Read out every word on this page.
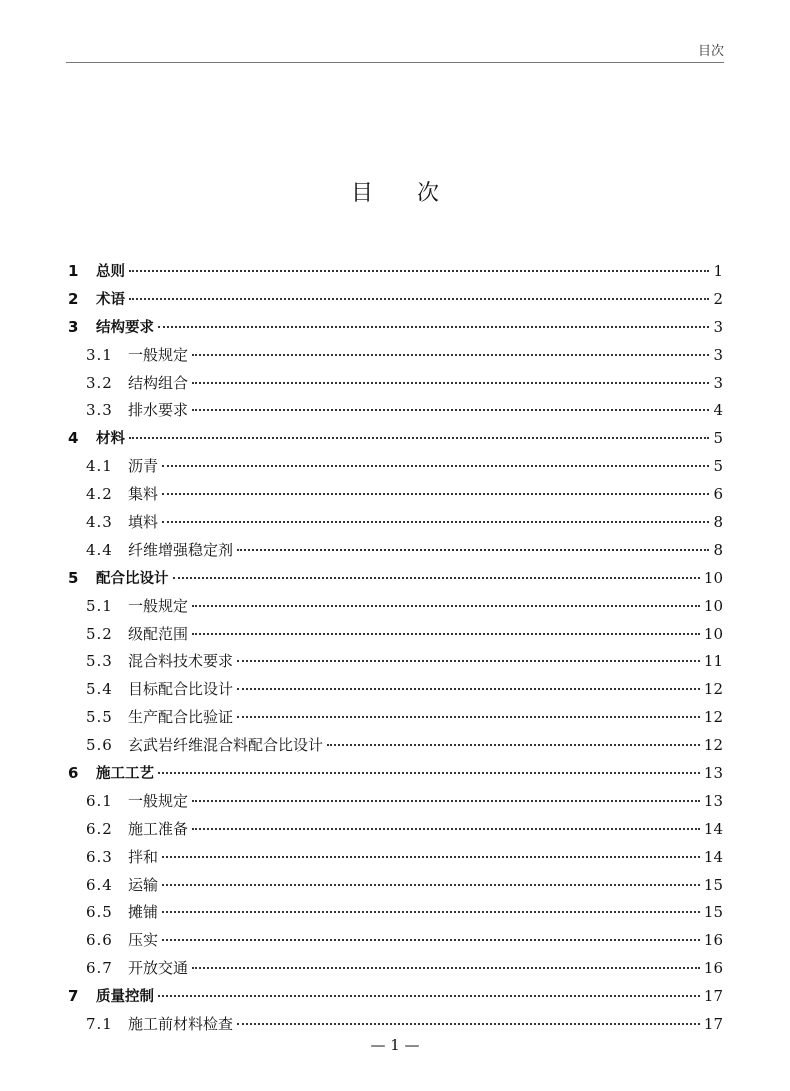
目次
目次
1	总则	1
2	术语	2
3	结构要求	3
3.1	一般规定	3
3.2	结构组合	3
3.3	排水要求	4
4	材料	5
4.1	沥青	5
4.2	集料	6
4.3	填料	8
4.4	纤维增强稳定剂	8
5	配合比设计	10
5.1	一般规定	10
5.2	级配范围	10
5.3	混合料技术要求	11
5.4	目标配合比设计	12
5.5	生产配合比验证	12
5.6	玄武岩纤维混合料配合比设计	12
6	施工工艺	13
6.1	一般规定	13
6.2	施工准备	14
6.3	拌和	14
6.4	运输	15
6.5	摊铺	15
6.6	压实	16
6.7	开放交通	16
7	质量控制	17
7.1	施工前材料检查	17
— 1 —
